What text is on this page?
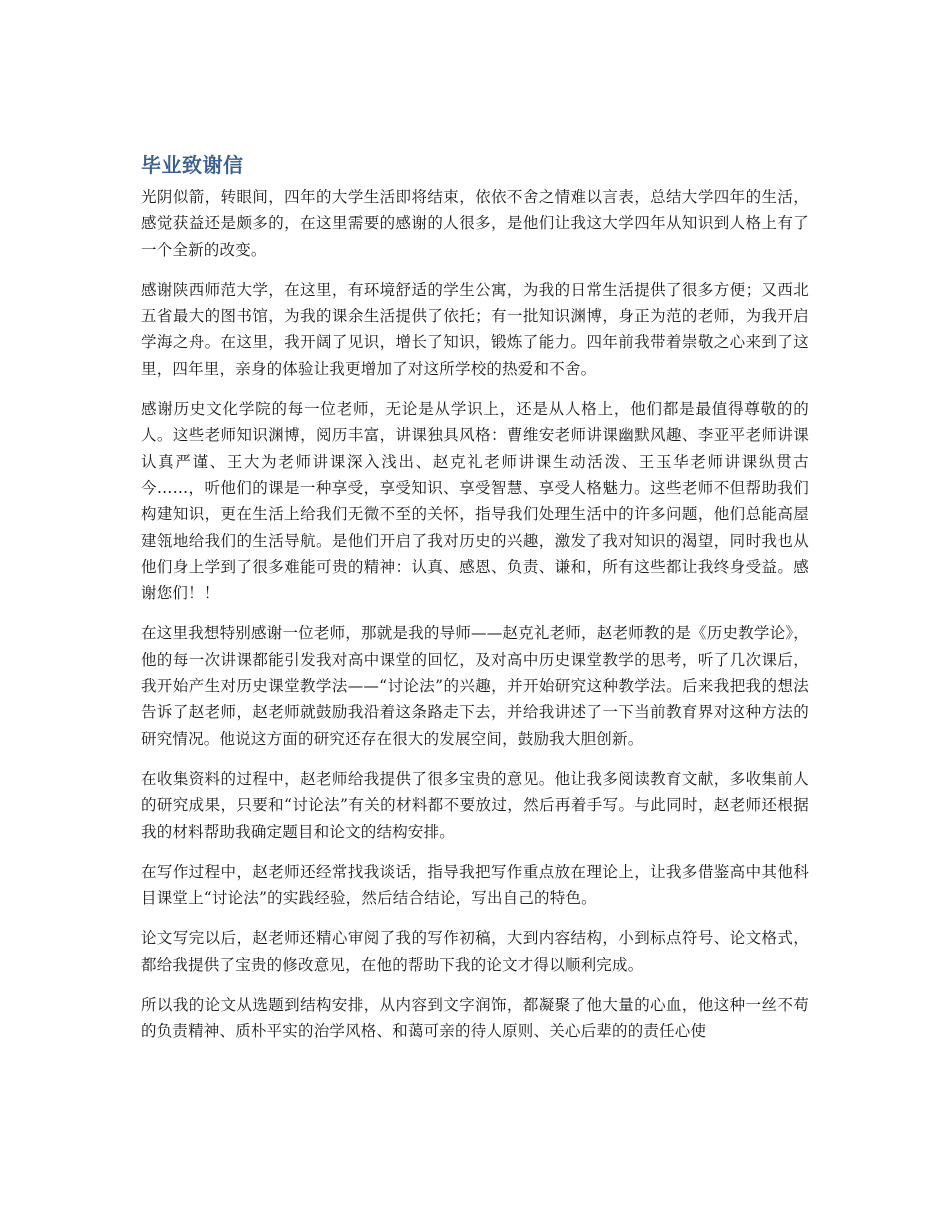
毕业致谢信

光阴似箭，转眼间，四年的大学生活即将结束，依依不舍之情难以言表，总结大学四年的生活，感觉获益还是颇多的，在这里需要的感谢的人很多，是他们让我这大学四年从知识到人格上有了一个全新的改变。

感谢陕西师范大学，在这里，有环境舒适的学生公寓，为我的日常生活提供了很多方便；又西北五省最大的图书馆，为我的课余生活提供了依托；有一批知识渊博，身正为范的老师，为我开启学海之舟。在这里，我开阔了见识，增长了知识，锻炼了能力。四年前我带着崇敬之心来到了这里，四年里，亲身的体验让我更增加了对这所学校的热爱和不舍。

感谢历史文化学院的每一位老师，无论是从学识上，还是从人格上，他们都是最值得尊敬的的人。这些老师知识渊博，阅历丰富，讲课独具风格：曹维安老师讲课幽默风趣、李亚平老师讲课认真严谨、王大为老师讲课深入浅出、赵克礼老师讲课生动活泼、王玉华老师讲课纵贯古今……，听他们的课是一种享受，享受知识、享受智慧、享受人格魅力。这些老师不但帮助我们构建知识，更在生活上给我们无微不至的关怀，指导我们处理生活中的许多问题，他们总能高屋建瓴地给我们的生活导航。是他们开启了我对历史的兴趣，激发了我对知识的渴望，同时我也从他们身上学到了很多难能可贵的精神：认真、感恩、负责、谦和，所有这些都让我终身受益。感谢您们！！

在这里我想特别感谢一位老师，那就是我的导师——赵克礼老师，赵老师教的是《历史教学论》，他的每一次讲课都能引发我对高中课堂的回忆，及对高中历史课堂教学的思考，听了几次课后，我开始产生对历史课堂教学法——“讨论法”的兴趣，并开始研究这种教学法。后来我把我的想法告诉了赵老师，赵老师就鼓励我沿着这条路走下去，并给我讲述了一下当前教育界对这种方法的研究情况。他说这方面的研究还存在很大的发展空间，鼓励我大胆创新。

在收集资料的过程中，赵老师给我提供了很多宝贵的意见。他让我多阅读教育文献，多收集前人的研究成果，只要和“讨论法”有关的材料都不要放过，然后再着手写。与此同时，赵老师还根据我的材料帮助我确定题目和论文的结构安排。

在写作过程中，赵老师还经常找我谈话，指导我把写作重点放在理论上，让我多借鉴高中其他科目课堂上“讨论法”的实践经验，然后结合结论，写出自己的特色。

论文写完以后，赵老师还精心审阅了我的写作初稿，大到内容结构，小到标点符号、论文格式，都给我提供了宝贵的修改意见，在他的帮助下我的论文才得以顺利完成。

所以我的论文从选题到结构安排，从内容到文字润饰，都凝聚了他大量的心血，他这种一丝不苟的负责精神、质朴平实的治学风格、和蔼可亲的待人原则、关心后辈的的责任心使
